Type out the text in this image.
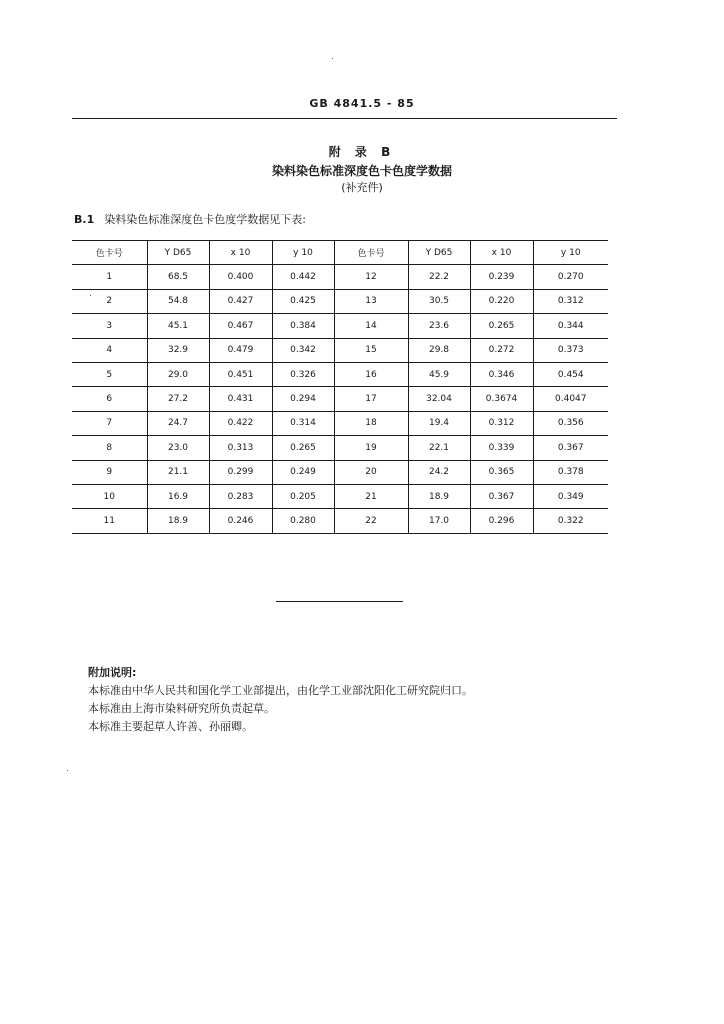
GB 4841.5 - 85
附 录 B
染料染色标准深度色卡色度学数据
(补充件)
B.1 染料染色标准深度色卡色度学数据见下表:
色卡号	Y D65	x 10	y 10	色卡号	Y D65	x 10	y 10
1	68.5	0.400	0.442	12	22.2	0.239	0.270
2	54.8	0.427	0.425	13	30.5	0.220	0.312
3	45.1	0.467	0.384	14	23.6	0.265	0.344
4	32.9	0.479	0.342	15	29.8	0.272	0.373
5	29.0	0.451	0.326	16	45.9	0.346	0.454
6	27.2	0.431	0.294	17	32.04	0.3674	0.4047
7	24.7	0.422	0.314	18	19.4	0.312	0.356
8	23.0	0.313	0.265	19	22.1	0.339	0.367
9	21.1	0.299	0.249	20	24.2	0.365	0.378
10	16.9	0.283	0.205	21	18.9	0.367	0.349
11	18.9	0.246	0.280	22	17.0	0.296	0.322
附加说明:
本标准由中华人民共和国化学工业部提出，由化学工业部沈阳化工研究院归口。
本标准由上海市染料研究所负责起草。
本标准主要起草人许善、孙丽卿。
